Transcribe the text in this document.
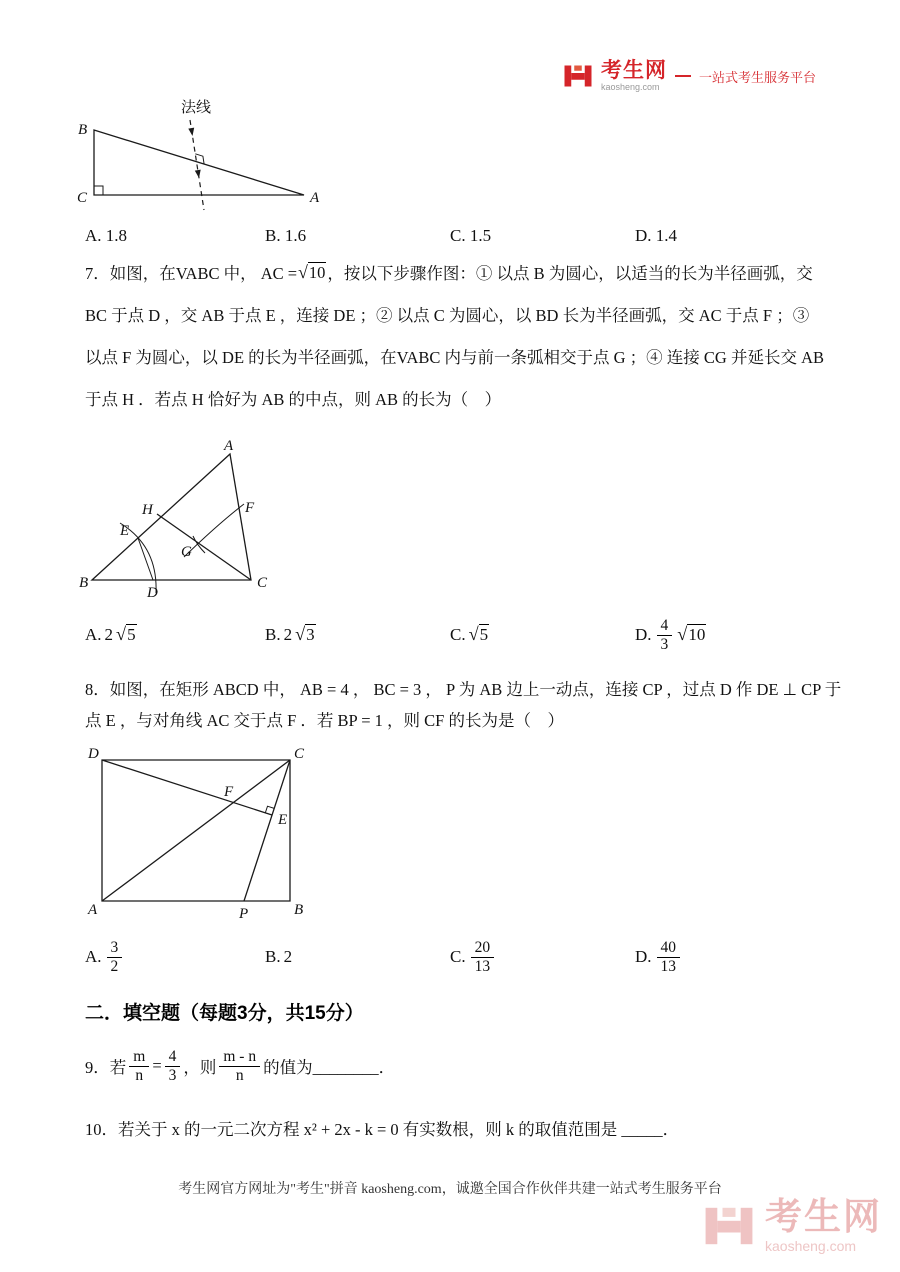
考生网
kaosheng.com
一站式考生服务平台
法线
B
C	A
A. 1.8	B. 1.6	C. 1.5	D. 1.4
7．如图，在VABC 中， AC = √ 10 ，按以下步骤作图：① 以点 B 为圆心，以适当的长为半径画弧，交
BC 于点 D ，交 AB 于点 E ，连接 DE ；② 以点 C 为圆心，以 BD 长为半径画弧，交 AC 于点 F ；③
以点 F 为圆心，以 DE 的长为半径画弧，在VABC 内与前一条弧相交于点 G ；④ 连接 CG 并延长交 AB
于点 H ．若点 H 恰好为 AB 的中点，则 AB 的长为（　）
A
H
E
F
G
B
D
C
A. 2 √ 5	B. 2 √ 3	C. √ 5	D. $\frac{4}{3}$ √ 10
8．如图，在矩形 ABCD 中， AB = 4 ， BC = 3 ， P 为 AB 边上一动点，连接 CP ，过点 D 作 DE ⊥ CP 于
点 E ，与对角线 AC 交于点 F ．若 BP = 1 ，则 CF 的长为是（　）
D	C
F
E
A	P	B
A. $\frac{3}{2}$	B. 2	C. $\frac{20}{13}$	D. $\frac{40}{13}$
二．填空题（每题3分，共15分）
9．若 $\frac{m}{n} = \frac{4}{3}$ ，则 $\frac{m - n}{n}$ 的值为________．
10．若关于 x 的一元二次方程 x² + 2x - k = 0 有实数根，则 k 的取值范围是 _____．
考生网官方网址为"考生"拼音 kaosheng.com，诚邀全国合作伙伴共建一站式考生服务平台
考生网
kaosheng.com
